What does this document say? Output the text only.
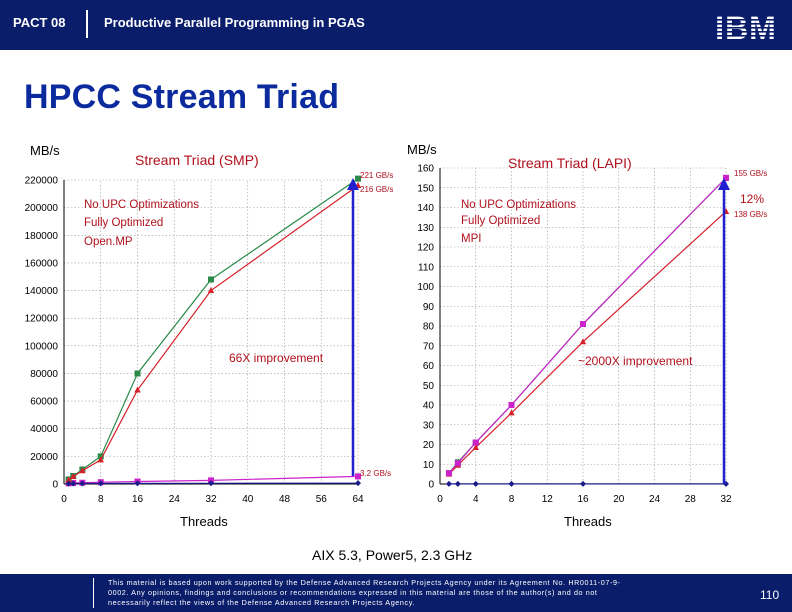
PACT 08	Productive Parallel Programming in PGAS
HPCC Stream Triad
0
20000
40000
60000
80000
100000
120000
140000
160000
180000
200000
220000
0	8	16	24	32	40	48	56	64
MB/s
Stream Triad (SMP)
Threads
No UPC Optimizations
Fully Optimized
Open.MP
221 GB/s
216 GB/s
3.2 GB/s
66X improvement
0
10
20
30
40
50
60
70
80
90
100
110
120
130
140
150
160
0	4	8	12 16 20 24 28 32
MB/s
Stream Triad (LAPI)
Threads
No UPC Optimizations
Fully Optimized
MPI
155 GB/s
12%
138 GB/s
~2000X improvement
AIX 5.3, Power5, 2.3 GHz
This material is based upon work supported by the Defense Advanced Research Projects Agency under its Agreement No. HR0011-07-9-0002. Any opinions, findings and conclusions or recommendations expressed in this material are those of the author(s) and do not necessarily reflect the views of the Defense Advanced Research Projects Agency.
110
